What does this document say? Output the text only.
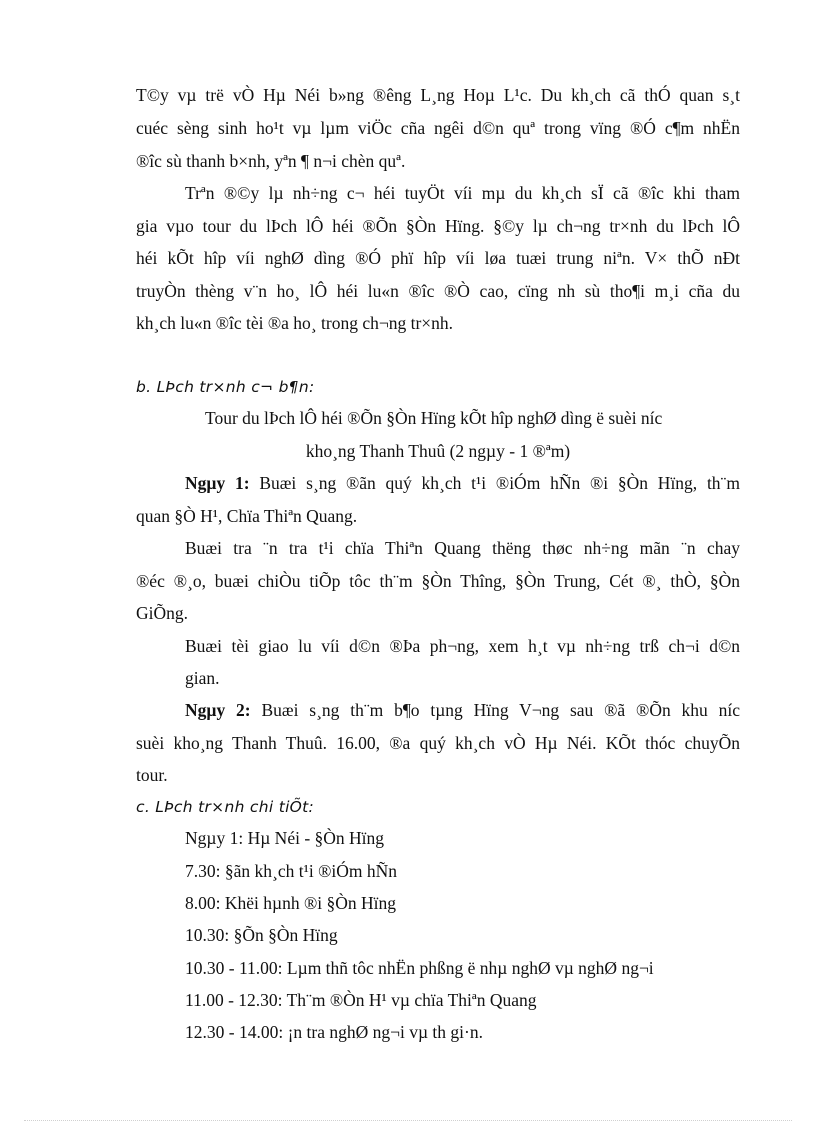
T©y vµ trë vÒ Hµ Néi b»ng ®êng L¸ng Hoµ L¹c. Du kh¸ch cã thÓ quan s¸t
cuéc sèng sinh ho¹t vµ lµm viÖc cña ngêi d©n quª trong vïng ®Ó c¶m nhËn
®îc sù thanh b×nh, yªn ¶ n¬i chèn quª.
Trªn ®©y lµ nh÷ng c¬ héi tuyÖt víi mµ du kh¸ch sÏ cã ®îc khi tham
gia vµo tour du lÞch lÔ héi ®Õn §Òn Hïng. §©y lµ ch¬ng tr×nh du lÞch lÔ
héi kÕt hîp víi nghØ dìng ®Ó phï hîp víi løa tuæi trung niªn. V× thÕ nÐt
truyÒn thèng v¨n ho¸ lÔ héi lu«n ®îc ®Ò cao, cïng nh sù tho¶i m¸i cña du
kh¸ch lu«n ®îc tèi ®a ho¸ trong ch¬ng tr×nh.
b. LÞch tr×nh c¬ b¶n:
Tour du lÞch lÔ héi ®Õn §Òn Hïng kÕt hîp nghØ dìng ë suèi níc
kho¸ng Thanh Thuû (2 ngµy - 1 ®ªm)
Ngµy 1: Buæi s¸ng ®ãn quý kh¸ch t¹i ®iÓm hÑn ®i §Òn Hïng, th¨m
quan §Ò H¹, Chïa Thiªn Quang.
Buæi tra ¨n tra t¹i chïa Thiªn Quang thëng thøc nh÷ng mãn ¨n chay
®éc ®¸o, buæi chiÒu tiÕp tôc th¨m §Òn Thîng, §Òn Trung, Cét ®¸ thÒ, §Òn
GiÕng.
Buæi tèi giao lu víi d©n ®Þa ph¬ng, xem h¸t vµ nh÷ng trß ch¬i d©n
gian.
Ngµy 2: Buæi s¸ng th¨m b¶o tµng Hïng V¬ng sau ®ã ®Õn khu níc
suèi kho¸ng Thanh Thuû. 16.00, ®a quý kh¸ch vÒ Hµ Néi. KÕt thóc chuyÕn
tour.
c. LÞch tr×nh chi tiÕt:
Ngµy 1: Hµ Néi - §Òn Hïng
7.30: §ãn kh¸ch t¹i ®iÓm hÑn
8.00: Khëi hµnh ®i §Òn Hïng
10.30: §Õn §Òn Hïng
10.30 - 11.00: Lµm thñ tôc nhËn phßng ë nhµ nghØ vµ nghØ ng¬i
11.00 - 12.30: Th¨m ®Òn H¹ vµ chïa Thiªn Quang
12.30 - 14.00: ¡n tra nghØ ng¬i vµ th gi·n.
